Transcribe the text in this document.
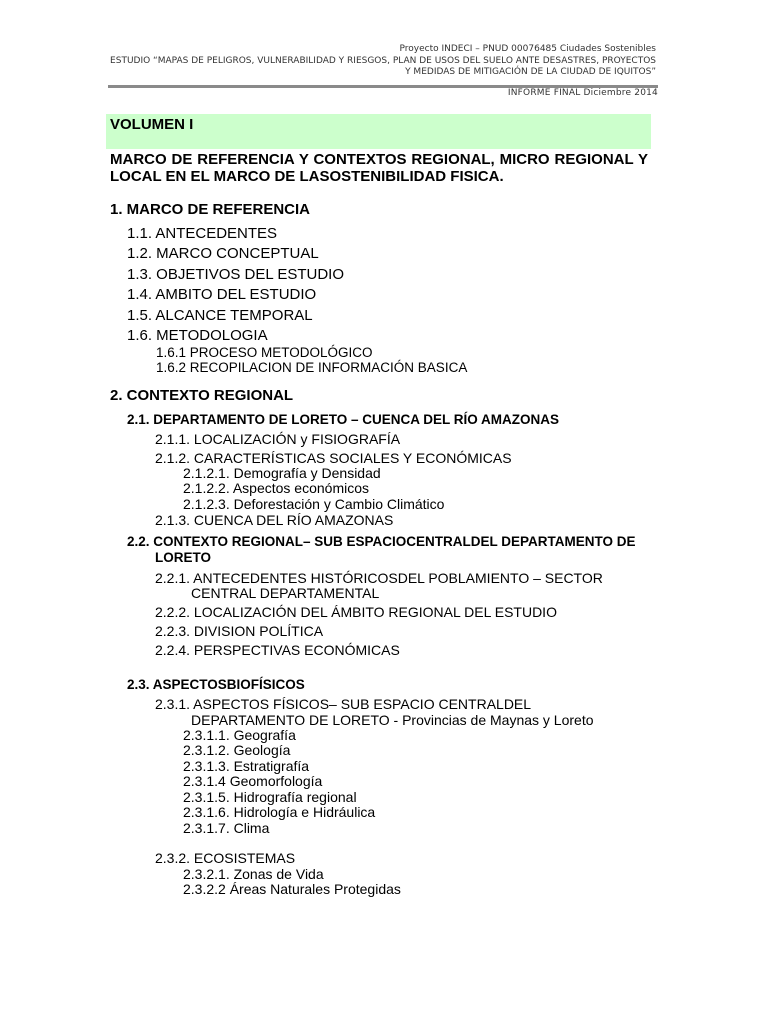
Proyecto INDECI – PNUD 00076485 Ciudades Sostenibles
ESTUDIO “MAPAS DE PELIGROS, VULNERABILIDAD Y RIESGOS, PLAN DE USOS DEL SUELO ANTE DESASTRES, PROYECTOS
Y MEDIDAS DE MITIGACIÓN DE LA CIUDAD DE IQUITOS”
INFORME FINAL Diciembre 2014
VOLUMEN I
MARCO DE REFERENCIA Y CONTEXTOS REGIONAL, MICRO REGIONAL Y LOCAL EN EL MARCO DE LASOSTENIBILIDAD FISICA.
1. MARCO DE REFERENCIA
1.1. ANTECEDENTES
1.2. MARCO CONCEPTUAL
1.3. OBJETIVOS DEL ESTUDIO
1.4. AMBITO DEL ESTUDIO
1.5. ALCANCE TEMPORAL
1.6. METODOLOGIA
1.6.1 PROCESO METODOLÓGICO
1.6.2 RECOPILACION DE INFORMACIÓN BASICA
2. CONTEXTO REGIONAL
2.1. DEPARTAMENTO DE LORETO – CUENCA DEL RÍO AMAZONAS
2.1.1. LOCALIZACIÓN y FISIOGRAFÍA
2.1.2. CARACTERÍSTICAS SOCIALES Y ECONÓMICAS
2.1.2.1. Demografía y Densidad
2.1.2.2. Aspectos económicos
2.1.2.3. Deforestación y Cambio Climático
2.1.3. CUENCA DEL RÍO AMAZONAS
2.2. CONTEXTO REGIONAL– SUB ESPACIOCENTRALDEL DEPARTAMENTO DE
LORETO
2.2.1. ANTECEDENTES HISTÓRICOSDEL POBLAMIENTO – SECTOR
CENTRAL DEPARTAMENTAL
2.2.2. LOCALIZACIÓN DEL ÁMBITO REGIONAL DEL ESTUDIO
2.2.3. DIVISION POLÍTICA
2.2.4. PERSPECTIVAS ECONÓMICAS
2.3. ASPECTOSBIOFÍSICOS
2.3.1. ASPECTOS FÍSICOS– SUB ESPACIO CENTRALDEL
DEPARTAMENTO DE LORETO - Provincias de Maynas y Loreto
2.3.1.1. Geografía
2.3.1.2. Geología
2.3.1.3. Estratigrafía
2.3.1.4 Geomorfología
2.3.1.5. Hidrografía regional
2.3.1.6. Hidrología e Hidráulica
2.3.1.7. Clima
2.3.2. ECOSISTEMAS
2.3.2.1. Zonas de Vida
2.3.2.2 Áreas Naturales Protegidas
